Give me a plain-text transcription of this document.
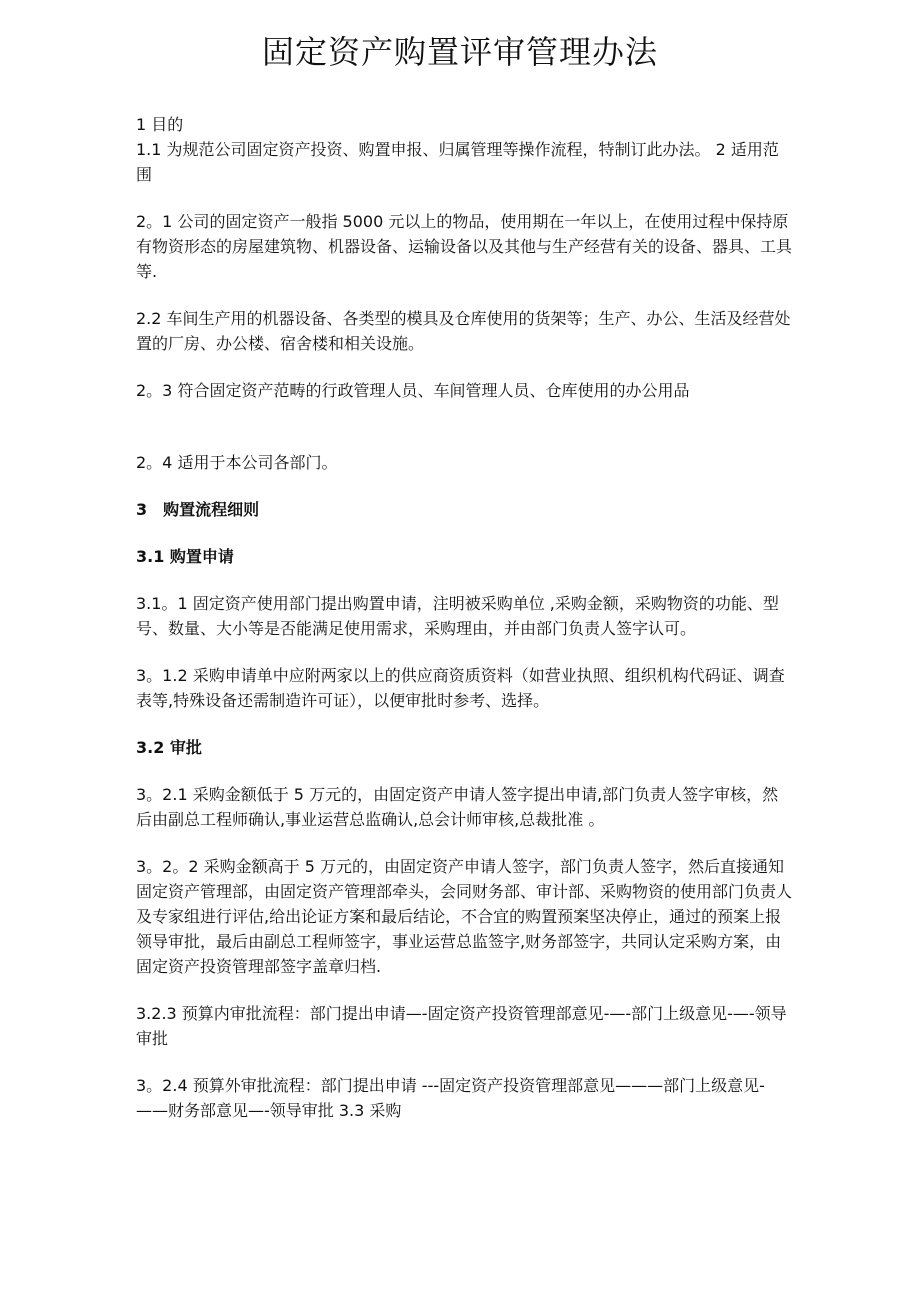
固定资产购置评审管理办法

1 目的

1.1 为规范公司固定资产投资、购置申报、归属管理等操作流程，特制订此办法。 2 适用范围

2。1 公司的固定资产一般指 5000 元以上的物品，使用期在一年以上，在使用过程中保持原有物资形态的房屋建筑物、机器设备、运输设备以及其他与生产经营有关的设备、器具、工具等.

2.2 车间生产用的机器设备、各类型的模具及仓库使用的货架等；生产、办公、生活及经营处置的厂房、办公楼、宿舍楼和相关设施。

2。3 符合固定资产范畴的行政管理人员、车间管理人员、仓库使用的办公用品

2。4 适用于本公司各部门。

3　购置流程细则

3.1 购置申请

3.1。1 固定资产使用部门提出购置申请，注明被采购单位 ,采购金额，采购物资的功能、型号、数量、大小等是否能满足使用需求，采购理由，并由部门负责人签字认可。

3。1.2 采购申请单中应附两家以上的供应商资质资料（如营业执照、组织机构代码证、调查表等,特殊设备还需制造许可证），以便审批时参考、选择。

3.2 审批

3。2.1 采购金额低于 5 万元的，由固定资产申请人签字提出申请,部门负责人签字审核，然后由副总工程师确认,事业运营总监确认,总会计师审核,总裁批准 。

3。2。2 采购金额高于 5 万元的，由固定资产申请人签字，部门负责人签字，然后直接通知固定资产管理部，由固定资产管理部牵头，会同财务部、审计部、采购物资的使用部门负责人及专家组进行评估,给出论证方案和最后结论，不合宜的购置预案坚决停止，通过的预案上报领导审批，最后由副总工程师签字，事业运营总监签字,财务部签字，共同认定采购方案，由固定资产投资管理部签字盖章归档.

3.2.3 预算内审批流程：部门提出申请—-固定资产投资管理部意见-—-部门上级意见-—-领导审批

3。2.4 预算外审批流程：部门提出申请 ---固定资产投资管理部意见———部门上级意见-——财务部意见—-领导审批 3.3 采购
